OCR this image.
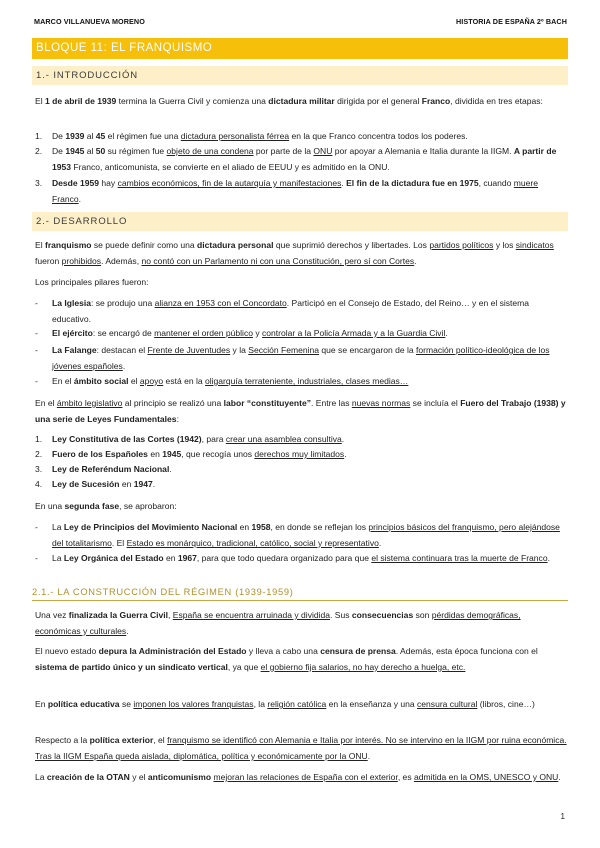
MARCO VILLANUEVA MORENO	HISTORIA DE ESPAÑA 2º BACH
BLOQUE 11: EL FRANQUISMO
1.- INTRODUCCIÓN
El 1 de abril de 1939 termina la Guerra Civil y comienza una dictadura militar dirigida por el general Franco, dividida en tres etapas:
1.	De 1939 al 45 el régimen fue una dictadura personalista férrea en la que Franco concentra todos los poderes.
2.	De 1945 al 50 su régimen fue objeto de una condena por parte de la ONU por apoyar a Alemania e Italia durante la IIGM. A partir de 1953 Franco, anticomunista, se convierte en el aliado de EEUU y es admitido en la ONU.
3.	Desde 1959 hay cambios económicos, fin de la autarquía y manifestaciones. El fin de la dictadura fue en 1975, cuando muere Franco.
2.- DESARROLLO
El franquismo se puede definir como una dictadura personal que suprimió derechos y libertades. Los partidos políticos y los sindicatos fueron prohibidos. Además, no contó con un Parlamento ni con una Constitución, pero sí con Cortes.
Los principales pilares fueron:
-	La Iglesia: se produjo una alianza en 1953 con el Concordato. Participó en el Consejo de Estado, del Reino… y en el sistema educativo.
-	El ejército: se encargó de mantener el orden público y controlar a la Policía Armada y a la Guardia Civil.
-	La Falange: destacan el Frente de Juventudes y la Sección Femenina que se encargaron de la formación político-ideológica de los jóvenes españoles.
-	En el ámbito social el apoyo está en la oligarquía terrateniente, industriales, clases medias…
En el ámbito legislativo al principio se realizó una labor “constituyente”. Entre las nuevas normas se incluía el Fuero del Trabajo (1938) y una serie de Leyes Fundamentales:
1.	Ley Constitutiva de las Cortes (1942), para crear una asamblea consultiva.
2.	Fuero de los Españoles en 1945, que recogía unos derechos muy limitados.
3.	Ley de Referéndum Nacional.
4.	Ley de Sucesión en 1947.
En una segunda fase, se aprobaron:
-	La Ley de Principios del Movimiento Nacional en 1958, en donde se reflejan los principios básicos del franquismo, pero alejándose del totalitarismo. El Estado es monárquico, tradicional, católico, social y representativo.
-	La Ley Orgánica del Estado en 1967, para que todo quedara organizado para que el sistema continuara tras la muerte de Franco.
2.1.- LA CONSTRUCCIÓN DEL RÉGIMEN (1939-1959)
Una vez finalizada la Guerra Civil, España se encuentra arruinada y dividida. Sus consecuencias son pérdidas demográficas, económicas y culturales.
El nuevo estado depura la Administración del Estado y lleva a cabo una censura de prensa. Además, esta época funciona con el sistema de partido único y un sindicato vertical, ya que el gobierno fija salarios, no hay derecho a huelga, etc.
En política educativa se imponen los valores franquistas, la religión católica en la enseñanza y una censura cultural (libros, cine…)
Respecto a la política exterior, el franquismo se identificó con Alemania e Italia por interés. No se intervino en la IIGM por ruina económica. Tras la IIGM España queda aislada, diplomática, política y económicamente por la ONU.
La creación de la OTAN y el anticomunismo mejoran las relaciones de España con el exterior, es admitida en la OMS, UNESCO y ONU.
1
